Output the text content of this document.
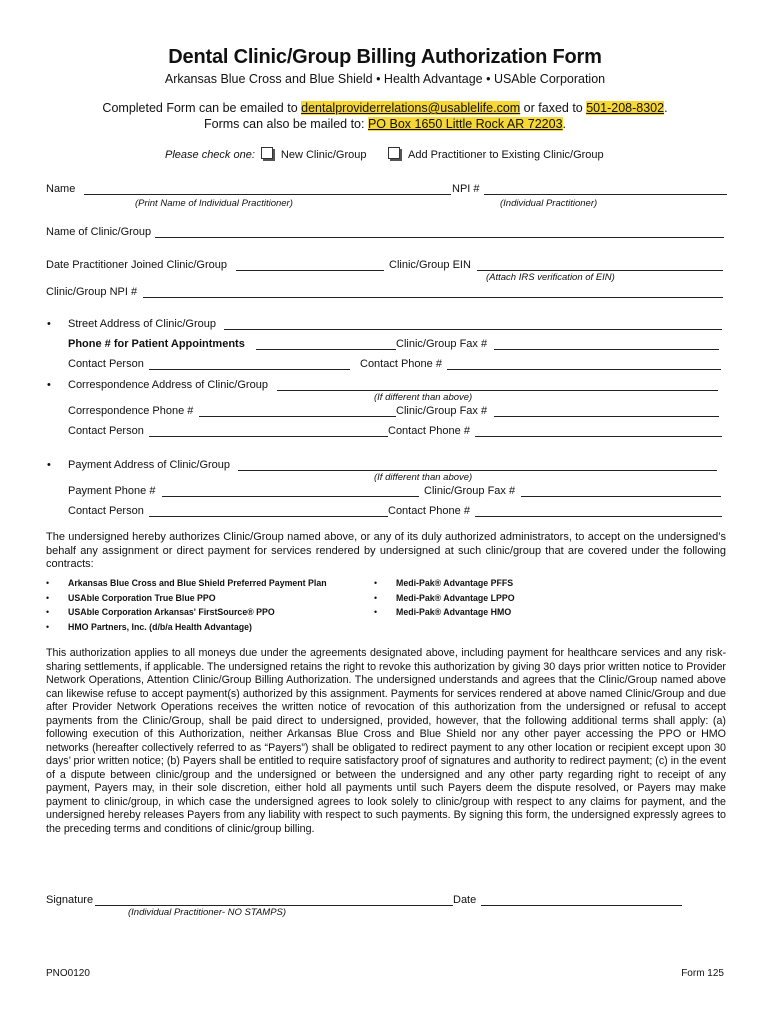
Dental Clinic/Group Billing Authorization Form
Arkansas Blue Cross and Blue Shield • Health Advantage • USAble Corporation
Completed Form can be emailed to dentalproviderrelations@usablelife.com or faxed to 501-208-8302.
Forms can also be mailed to: PO Box 1650 Little Rock AR 72203.
Please check one: New Clinic/Group	Add Practitioner to Existing Clinic/Group
Name	NPI #
(Print Name of Individual Practitioner)	(Individual Practitioner)
Name of Clinic/Group
Date Practitioner Joined Clinic/Group	Clinic/Group EIN
(Attach IRS verification of EIN)
Clinic/Group NPI #
• Street Address of Clinic/Group
Phone # for Patient Appointments	Clinic/Group Fax #
Contact Person	Contact Phone #
• Correspondence Address of Clinic/Group
(If different than above)
Correspondence Phone #	Clinic/Group Fax #
Contact Person	Contact Phone #
• Payment Address of Clinic/Group
(If different than above)
Payment Phone #	Clinic/Group Fax #
Contact Person	Contact Phone #
The undersigned hereby authorizes Clinic/Group named above, or any of its duly authorized administrators, to accept on the undersigned’s behalf any assignment or direct payment for services rendered by undersigned at such clinic/group that are covered under the following contracts:
• Arkansas Blue Cross and Blue Shield Preferred Payment Plan
• USAble Corporation True Blue PPO
• USAble Corporation Arkansas' FirstSource® PPO
• HMO Partners, Inc. (d/b/a Health Advantage)
• Medi-Pak® Advantage PFFS
• Medi-Pak® Advantage LPPO
• Medi-Pak® Advantage HMO
This authorization applies to all moneys due under the agreements designated above, including payment for healthcare services and any risk-sharing settlements, if applicable. The undersigned retains the right to revoke this authorization by giving 30 days prior written notice to Provider Network Operations, Attention Clinic/Group Billing Authorization. The undersigned understands and agrees that the Clinic/Group named above can likewise refuse to accept payment(s) authorized by this assignment. Payments for services rendered at above named Clinic/Group and due after Provider Network Operations receives the written notice of revocation of this authorization from the undersigned or refusal to accept payments from the Clinic/Group, shall be paid direct to undersigned, provided, however, that the following additional terms shall apply: (a) following execution of this Authorization, neither Arkansas Blue Cross and Blue Shield nor any other payer accessing the PPO or HMO networks (hereafter collectively referred to as “Payers”) shall be obligated to redirect payment to any other location or recipient except upon 30 days’ prior written notice; (b) Payers shall be entitled to require satisfactory proof of signatures and authority to redirect payment; (c) in the event of a dispute between clinic/group and the undersigned or between the undersigned and any other party regarding right to receipt of any payment, Payers may, in their sole discretion, either hold all payments until such Payers deem the dispute resolved, or Payers may make payment to clinic/group, in which case the undersigned agrees to look solely to clinic/group with respect to any claims for payment, and the undersigned hereby releases Payers from any liability with respect to such payments. By signing this form, the undersigned expressly agrees to the preceding terms and conditions of clinic/group billing.
Signature	Date
(Individual Practitioner- NO STAMPS)
PNO0120	Form 125
